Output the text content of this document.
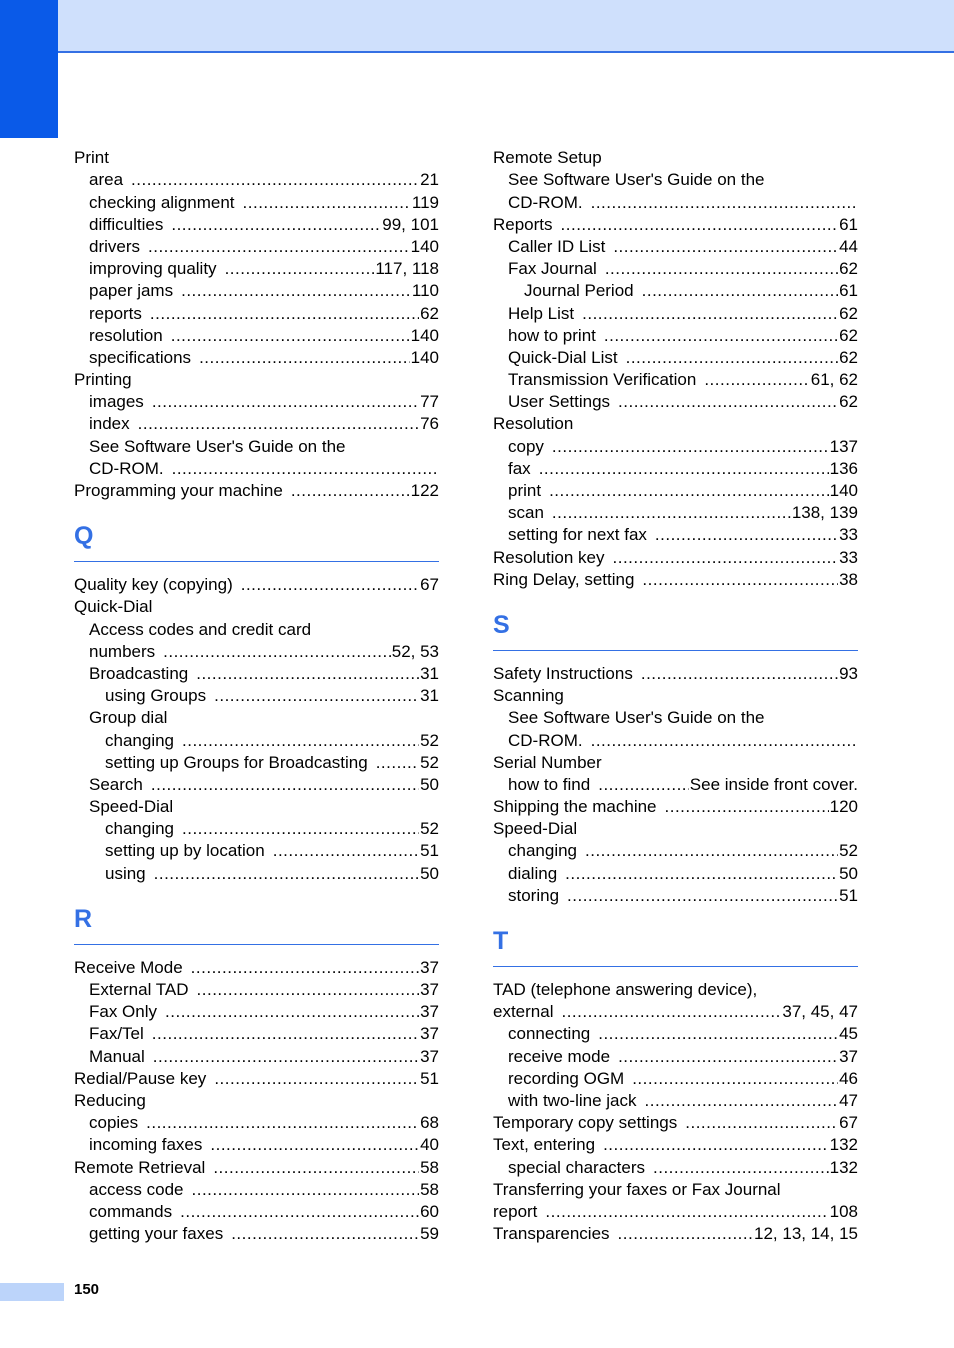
Print
area .....	21
checking alignment .....	119
difficulties .....	99, 101
drivers .....	140
improving quality .....	117, 118
paper jams .....	110
reports .....	62
resolution .....	140
specifications .....	140
Printing
images .....	77
index .....	76
See Software User's Guide on the
CD-ROM.
.....
Programming your machine .....	122
Q
Quality key (copying) .....	67
Quick-Dial
Access codes and credit card
numbers .....	52, 53
Broadcasting .....	31
using Groups .....	31
Group dial
changing .....	52
setting up Groups for Broadcasting .....	52
Search .....	50
Speed-Dial
changing .....	52
setting up by location .....	51
using .....	50
R
Receive Mode .....	37
External TAD .....	37
Fax Only .....	37
Fax/Tel .....	37
Manual .....	37
Redial/Pause key .....	51
Reducing
copies .....	68
incoming faxes .....	40
Remote Retrieval .....	58
access code .....	58
commands .....	60
getting your faxes .....	59
Remote Setup
See Software User's Guide on the
CD-ROM.
.....
Reports .....	61
Caller ID List .....	44
Fax Journal .....	62
Journal Period .....	61
Help List .....	62
how to print .....	62
Quick-Dial List .....	62
Transmission Verification .....	61, 62
User Settings .....	62
Resolution
copy .....	137
fax .....	136
print .....	140
scan .....	138, 139
setting for next fax .....	33
Resolution key .....	33
Ring Delay, setting .....	38
S
Safety Instructions .....	93
Scanning
See Software User's Guide on the
CD-ROM.
.....
Serial Number
how to find .....	See inside front cover.
Shipping the machine .....	120
Speed-Dial
changing .....	52
dialing .....	50
storing .....	51
T
TAD (telephone answering device),
external .....	37, 45, 47
connecting .....	45
receive mode .....	37
recording OGM .....	46
with two-line jack .....	47
Temporary copy settings .....	67
Text, entering .....	132
special characters .....	132
Transferring your faxes or Fax Journal
report .....	108
Transparencies .....	12, 13, 14, 15
150
